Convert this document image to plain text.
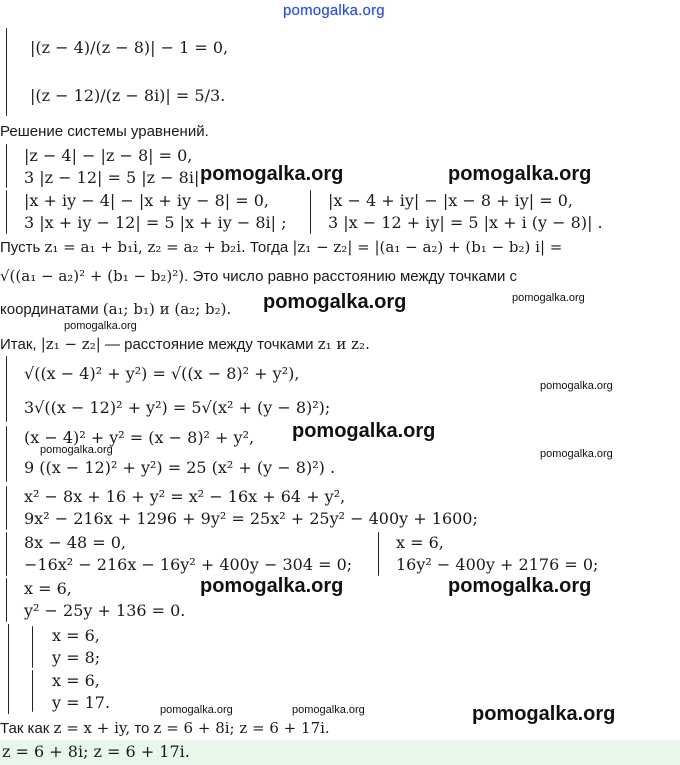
pomogalka.org
|(z − 4)/(z − 8)| − 1 = 0,
|(z − 12)/(z − 8i)| = 5/3.
Решение системы уравнений.
|z − 4| − |z − 8| = 0,
3 |z − 12| = 5 |z − 8i|
|x + iy − 4| − |x + iy − 8| = 0,
3 |x + iy − 12| = 5 |x + iy − 8i| ;
|x − 4 + iy| − |x − 8 + iy| = 0,
3 |x − 12 + iy| = 5 |x + i (y − 8)| .
Пусть z₁ = a₁ + b₁i, z₂ = a₂ + b₂i. Тогда |z₁ − z₂| = |(a₁ − a₂) + (b₁ − b₂) i| =
√((a₁ − a₂)² + (b₁ − b₂)²). Это число равно расстоянию между точками с
координатами (a₁; b₁) и (a₂; b₂).
Итак, |z₁ − z₂| — расстояние между точками z₁ и z₂.
√((x − 4)² + y²) = √((x − 8)² + y²),
3√((x − 12)² + y²) = 5√(x² + (y − 8)²);
(x − 4)² + y² = (x − 8)² + y²,
9 ((x − 12)² + y²) = 25 (x² + (y − 8)²) .
x² − 8x + 16 + y² = x² − 16x + 64 + y²,
9x² − 216x + 1296 + 9y² = 25x² + 25y² − 400y + 1600;
8x − 48 = 0,
−16x² − 216x − 16y² + 400y − 304 = 0;
x = 6,
16y² − 400y + 2176 = 0;
x = 6,
y² − 25y + 136 = 0.
x = 6,
y = 8;
x = 6,
y = 17.
Так как z = x + iy, то z = 6 + 8i; z = 6 + 17i.
z = 6 + 8i; z = 6 + 17i.
pomogalka.org	pomogalka.org
pomogalka.org	pomogalka.org
pomogalka.org
pomogalka.org
pomogalka.org
pomogalka.org	pomogalka.org
pomogalka.org	pomogalka.org
pomogalka.org	pomogalka.org	pomogalka.org
